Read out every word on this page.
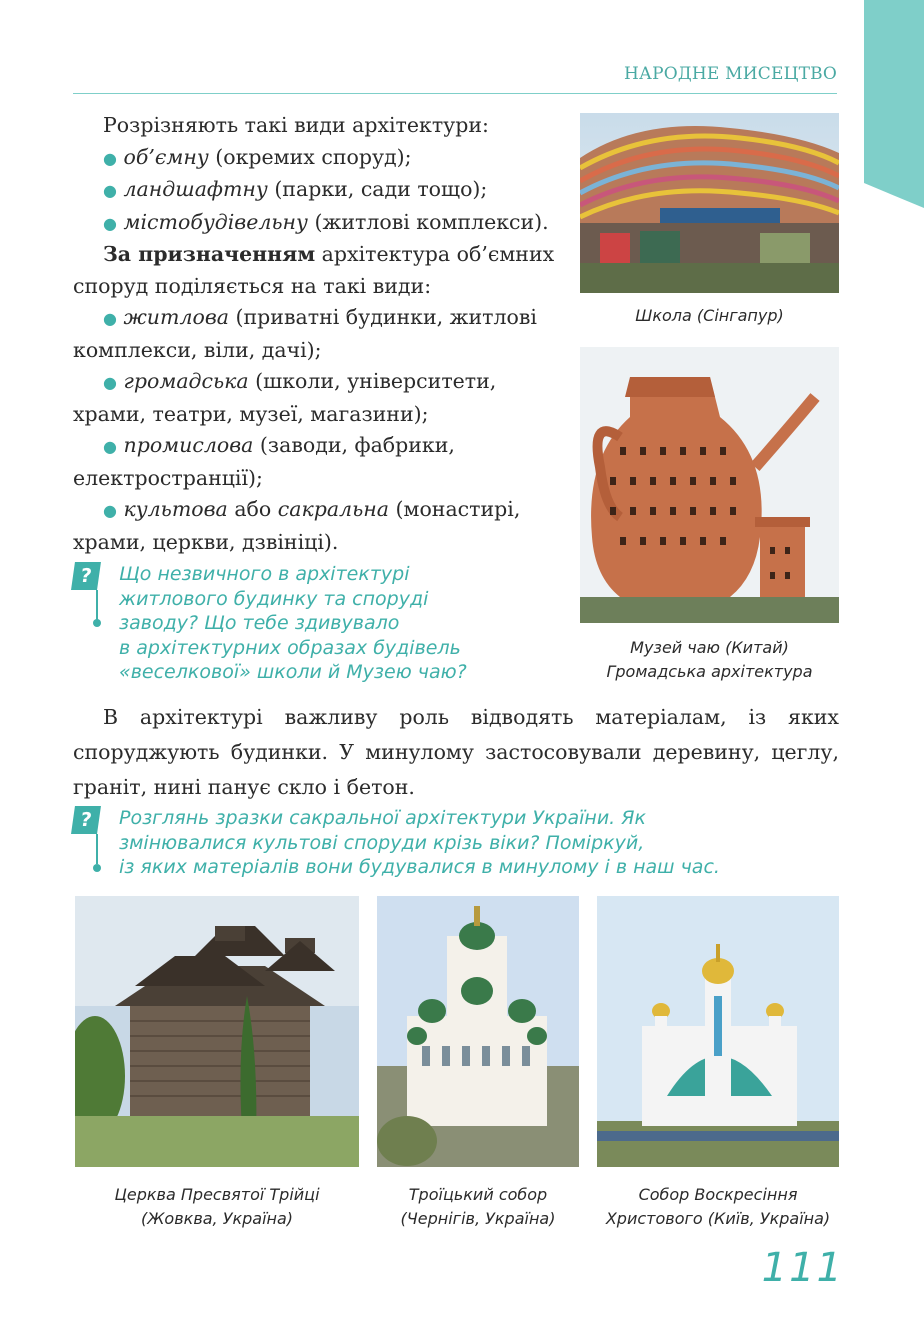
НАРОДНЕ МИСЕЦТВО

Розрізняють такі види архітектури:

● об’ємну (окремих споруд);

● ландшафтну (парки, сади тощо);

● містобудівельну (житлові комплекси).

За призначенням архітектура об’ємних споруд поділяється на такі види:

● житлова (приватні будинки, житлові комплекси, віли, дачі);

● громадська (школи, університети, храми, театри, музеї, магазини);

● промислова (заводи, фабрики, електространції);

● культова або сакральна (монастирі, храми, церкви, дзвініці).

?	Що незвичного в архітектурі
житлового будинку та споруді
заводу? Що тебе здивувало
в архітектурних образах будівель
«веселкової» школи й Музею чаю?

В архітектурі важливу роль відводять матеріалам, із яких споруджують будинки. У минулому застосовували деревину, цеглу, граніт, нині панує скло і бетон.

?	Розглянь зразки сакральної архітектури України. Як
змінювалися культові споруди крізь віки? Поміркуй,
із яких матеріалів вони будувалися в минулому і в наш час.
Школа (Сінгапур)
Музей чаю (Китай)
Громадська архітектура
Церква Пресвятої Трійці
(Жовква, Україна)
Троїцький собор
(Чернігів, Україна)
Собор Воскресіння
Христового (Київ, Україна)
111
